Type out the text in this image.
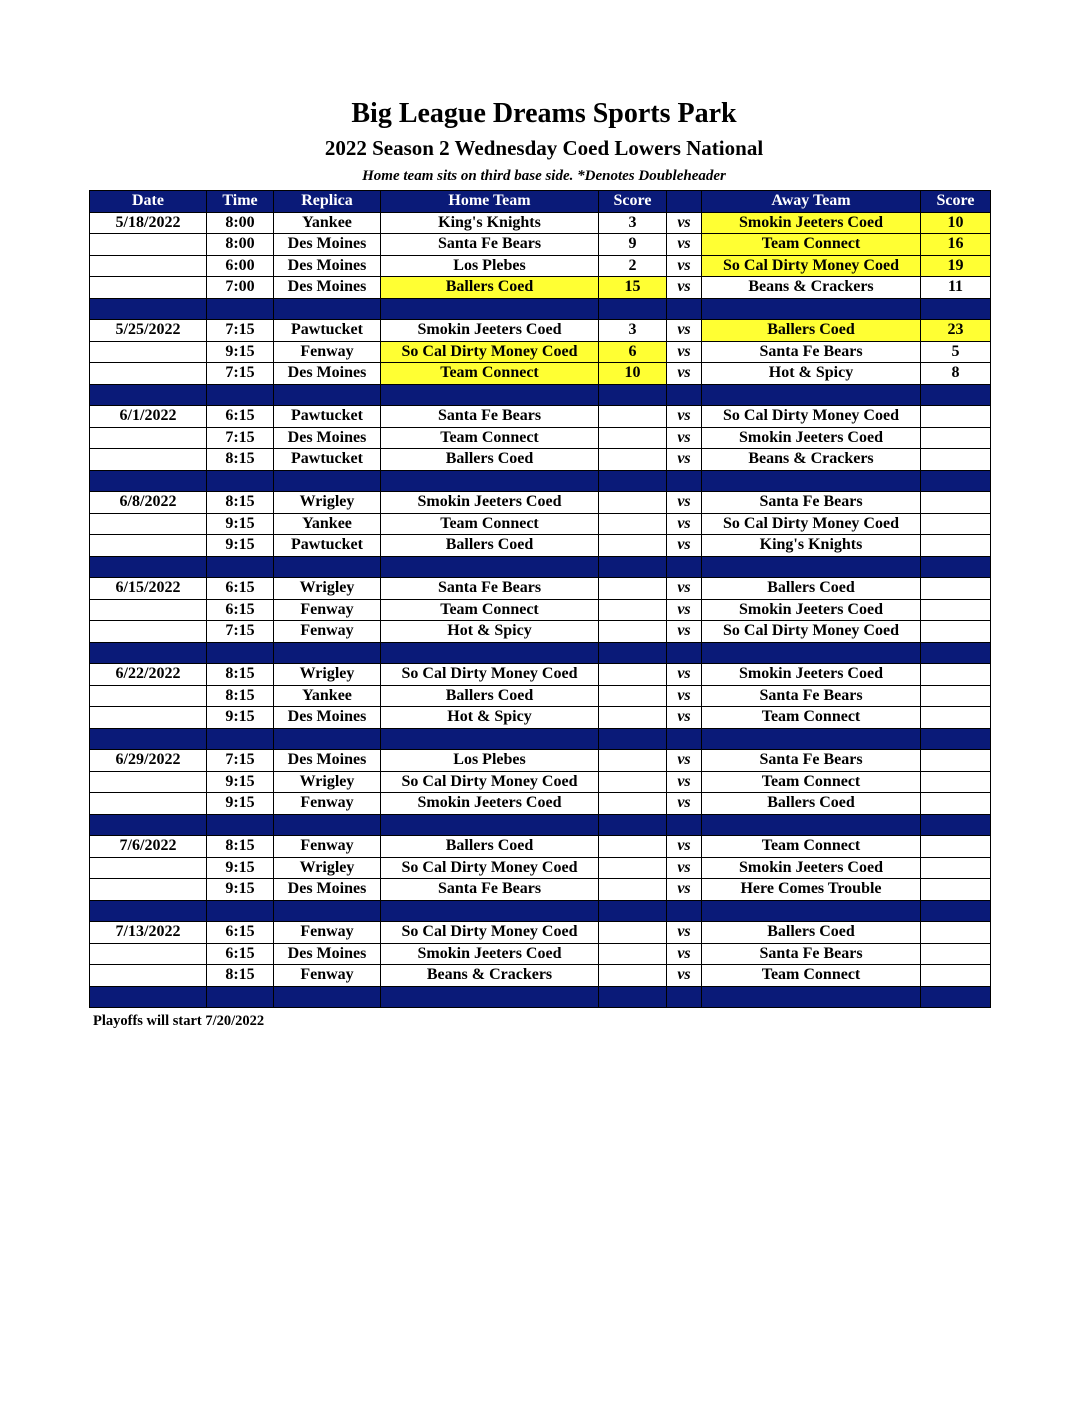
Big League Dreams Sports Park
2022 Season 2 Wednesday Coed Lowers National
Home team sits on third base side. *Denotes Doubleheader
Date	Time	Replica	Home Team	Score		Away Team	Score
5/18/2022	8:00	Yankee	King's Knights	3	vs	Smokin Jeeters Coed	10
	8:00	Des Moines	Santa Fe Bears	9	vs	Team Connect	16
	6:00	Des Moines	Los Plebes	2	vs	So Cal Dirty Money Coed	19
	7:00	Des Moines	Ballers Coed	15	vs	Beans & Crackers	11

5/25/2022	7:15	Pawtucket	Smokin Jeeters Coed	3	vs	Ballers Coed	23
	9:15	Fenway	So Cal Dirty Money Coed	6	vs	Santa Fe Bears	5
	7:15	Des Moines	Team Connect	10	vs	Hot & Spicy	8

6/1/2022	6:15	Pawtucket	Santa Fe Bears		vs	So Cal Dirty Money Coed	
	7:15	Des Moines	Team Connect		vs	Smokin Jeeters Coed	
	8:15	Pawtucket	Ballers Coed		vs	Beans & Crackers	

6/8/2022	8:15	Wrigley	Smokin Jeeters Coed		vs	Santa Fe Bears	
	9:15	Yankee	Team Connect		vs	So Cal Dirty Money Coed	
	9:15	Pawtucket	Ballers Coed		vs	King's Knights	

6/15/2022	6:15	Wrigley	Santa Fe Bears		vs	Ballers Coed	
	6:15	Fenway	Team Connect		vs	Smokin Jeeters Coed	
	7:15	Fenway	Hot & Spicy		vs	So Cal Dirty Money Coed	

6/22/2022	8:15	Wrigley	So Cal Dirty Money Coed		vs	Smokin Jeeters Coed	
	8:15	Yankee	Ballers Coed		vs	Santa Fe Bears	
	9:15	Des Moines	Hot & Spicy		vs	Team Connect	

6/29/2022	7:15	Des Moines	Los Plebes		vs	Santa Fe Bears	
	9:15	Wrigley	So Cal Dirty Money Coed		vs	Team Connect	
	9:15	Fenway	Smokin Jeeters Coed		vs	Ballers Coed	

7/6/2022	8:15	Fenway	Ballers Coed		vs	Team Connect	
	9:15	Wrigley	So Cal Dirty Money Coed		vs	Smokin Jeeters Coed	
	9:15	Des Moines	Santa Fe Bears		vs	Here Comes Trouble	

7/13/2022	6:15	Fenway	So Cal Dirty Money Coed		vs	Ballers Coed	
	6:15	Des Moines	Smokin Jeeters Coed		vs	Santa Fe Bears	
	8:15	Fenway	Beans & Crackers		vs	Team Connect	

Playoffs will start 7/20/2022
